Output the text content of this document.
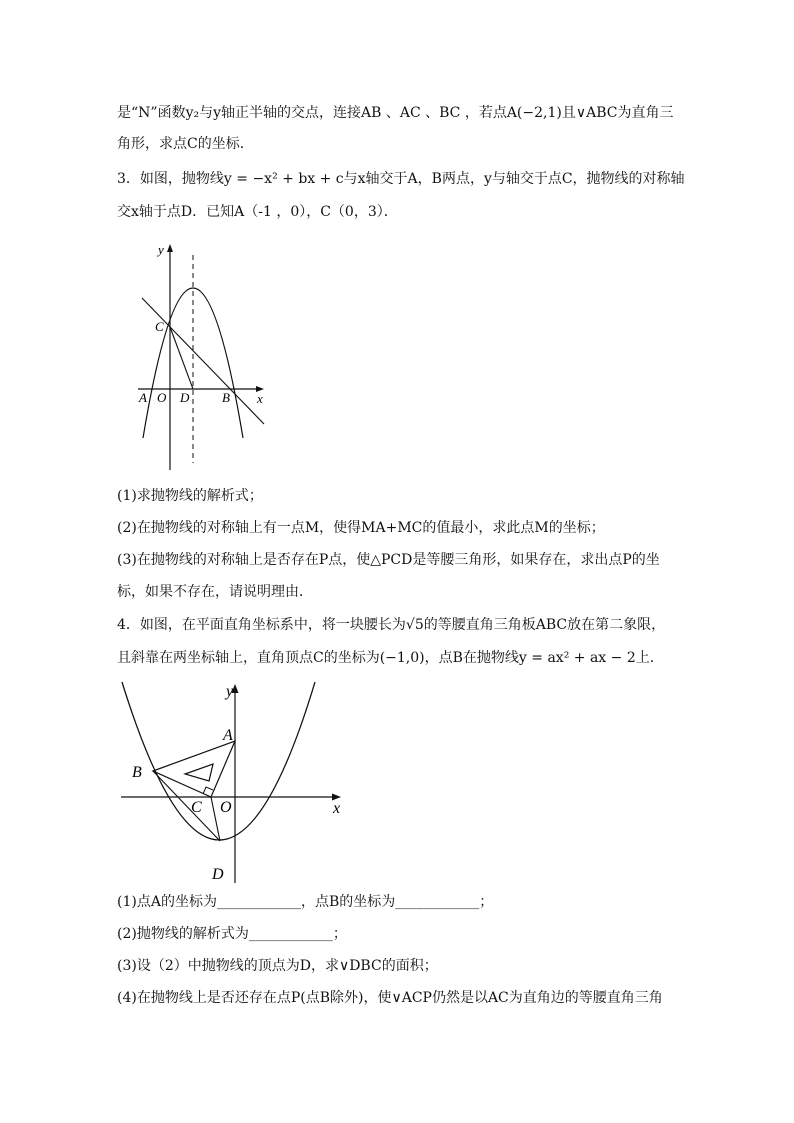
是“N”函数y₂与y轴正半轴的交点，连接AB 、AC 、BC ，若点A(−2,1)且∨ABC为直角三
角形，求点C的坐标．
3．如图，抛物线y = −x² + bx + c与x轴交于A，B两点，y与轴交于点C，抛物线的对称轴
交x轴于点D．已知A（-1 ，0），C（0，3）．
y
x
C
A O D	B
(1)求抛物线的解析式；
(2)在抛物线的对称轴上有一点M，使得MA+MC的值最小，求此点M的坐标；
(3)在抛物线的对称轴上是否存在P点，使△PCD是等腰三角形，如果存在，求出点P的坐
标，如果不存在，请说明理由．
4．如图，在平面直角坐标系中，将一块腰长为√5的等腰直角三角板ABC放在第二象限，
且斜靠在两坐标轴上，直角顶点C的坐标为(−1,0)，点B在抛物线y = ax² + ax − 2上．
y
x
A
B
C O
D
(1)点A的坐标为____________，点B的坐标为____________；
(2)抛物线的解析式为____________；
(3)设（2）中抛物线的顶点为D，求∨DBC的面积；
(4)在抛物线上是否还存在点P(点B除外)，使∨ACP仍然是以AC为直角边的等腰直角三角
